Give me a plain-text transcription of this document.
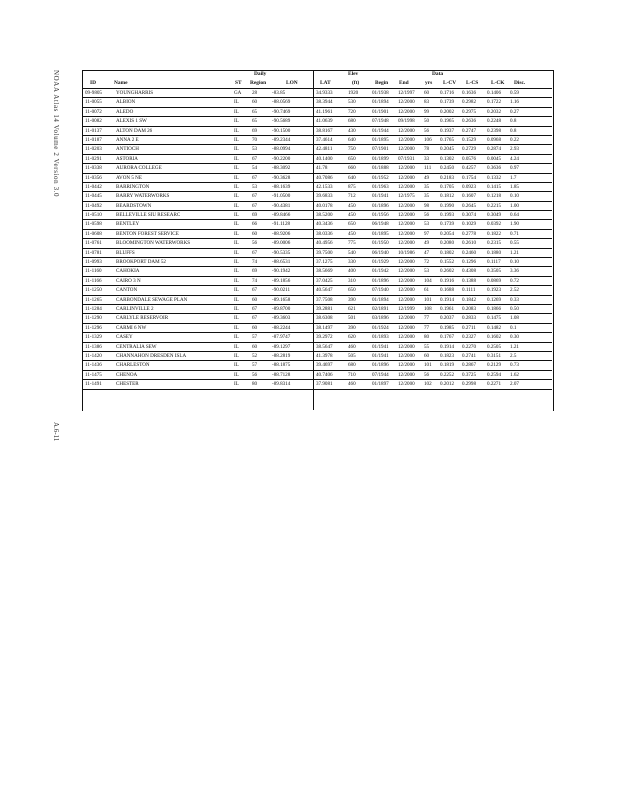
NOAA Atlas 14 Volume 2 Version 3.0
A.6-11
Daily	Elev	Data
ID	Name	ST Region	LON	LAT	(ft)	Begin End	yrs L-CV L-CS L-CK Disc.
09-9805	YOUNGHARRIS	GA 28	-83.85	34.9333	1920	01/1938 12/1997 60 0.1716 0.1636 0.1406 0.59
11-0055	ALBION	IL	60	-88.0569	38.3944	530	01/1894 12/2000 83 0.1739 0.2982 0.1722 1.16
11-0072	ALEDO	IL	65	-90.7469	41.1961	720	01/1901 12/2000 99 0.2002 0.2975 0.2032 0.27
11-0082	ALEXIS 1 SW	IL	65	-90.5689	41.0639	680	07/1948 09/1998 50 0.1965 0.2636 0.2248 0.8
11-0137	ALTON DAM 26	IL	69	-90.1500	38.8167	430	01/1944 12/2000 56 0.1937 0.2747 0.2398 0.8
11-0187	ANNA 2 E	IL	70	-89.2344	37.4614	640	01/1895 12/2000 106 0.1765 0.1529 0.0968 0.22
11-0203	ANTIOCH	IL	53	-88.0994	42.4811	750	07/1901 12/2000 78 0.2045 0.2729 0.2874 2.93
11-0291	ASTORIA	IL	67	-90.2200	40.1400	650	01/1899 07/1931 33 0.1302 0.0576 0.0045 4.24
11-0338	AURORA COLLEGE	IL	54	-88.3092	41.78	660	01/1888 12/2000 111 0.2450 0.4257 0.3636 0.97
11-0356	AVON 5 NE	IL	67	-90.3628	40.7086	640	01/1952 12/2000 49 0.2183 0.1754 0.1332 1.7
11-0442	BARRINGTON	IL	53	-88.1639	42.1533	875	01/1963 12/2000 35 0.1705 0.0923 0.1415 1.85
11-0445	BARRY WATERWORKS	IL	67	-91.0500	39.6833	712	01/1941 12/1975 35 0.1812 0.1607 0.1218 0.10
11-0492	BEARDSTOWN	IL	67	-90.4381	40.0178	450	01/1896 12/2000 98 0.1990 0.2645 0.2215 1.00
11-0510	BELLEVILLE SIU RESEARC	IL	69	-89.8466	38.5200	450	01/1956 12/2000 56 0.1993 0.3074 0.3049 0.64
11-0598	BENTLEY	IL	66	-91.1128	40.3436	650	06/1948 12/2000 53 0.1739 0.1029 0.0392 1.90
11-0608	BENTON FOREST SERVICE	IL	60	-88.9206	38.0336	450	01/1895 12/2000 97 0.2054 0.2778 0.1822 0.71
11-0761	BLOOMINGTON WATERWORKS	IL	56	-89.0006	40.4956	775	01/1950 12/2000 49 0.2080 0.2610 0.2315 0.55
11-0781	BLUFFS	IL	67	-90.5335	39.7500	540	06/1940 10/1986 47 0.1802 0.2460 0.1880 1.21
11-0993	BROOKPORT DAM 52	IL	74	-88.6531	37.1275	330	01/1929 12/2000 72 0.1552 0.1296 0.1117 0.10
11-1160	CAHOKIA	IL	69	-90.1942	38.5669	400	01/1942 12/2000 53 0.2602 0.4308 0.3505 3.36
11-1166	CAIRO 3 N	IL	74	-89.1856	37.0425	310	01/1896 12/2000 104 0.1916 0.1388 0.0869 0.72
11-1250	CANTON	IL	67	-90.0211	40.5647	650	07/1940 12/2000 61 0.1688 0.1111 0.1923 2.52
11-1265	CARBONDALE SEWAGE PLAN	IL	60	-89.1658	37.7508	390	01/1894 12/2000 101 0.1914 0.1842 0.1269 0.33
11-1284	CARLINVILLE 2	IL	67	-89.8700	39.2881	621	02/1891 12/1999 108 0.1961 0.2083 0.1866 0.50
11-1290	CARLYLE RESERVOIR	IL	67	-89.3603	38.6308	501	03/1896 12/2000 77 0.2037 0.2833 0.1475 1.08
11-1296	CARMI 6 NW	IL	60	-88.2244	38.1497	390	01/1924 12/2000 77 0.1985 0.2711 0.1482 0.1
11-1329	CASEY	IL	57	-87.9747	39.2972	620	01/1893 12/2000 80 0.1767 0.2327 0.1602 0.30
11-1386	CENTRALIA SEW	IL	60	-89.1297	38.5647	460	01/1941 12/2000 55 0.1914 0.2270 0.2505 1.21
11-1420	CHANNAHON DRESDEN ISLA	IL	52	-88.2819	41.3978	505	01/1941 12/2000 60 0.1823 0.2741 0.3151 2.5
11-1436	CHARLESTON	IL	57	-88.1875	39.4697	680	01/1896 12/2000 101 0.1819 0.2867 0.2129 0.73
11-1475	CHENOA	IL	56	-88.7128	40.7406	710	07/1944 12/2000 56 0.2252 0.3725 0.2594 1.62
11-1491	CHESTER	IL	80	-89.8314	37.9081	460	01/1897 12/2000 102 0.2012 0.2998 0.2271 2.07
